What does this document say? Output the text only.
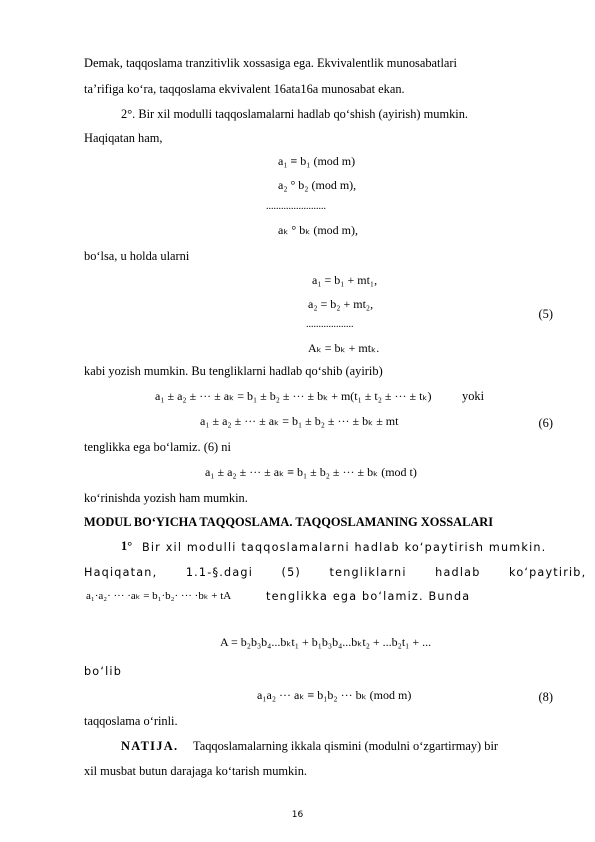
Demak, taqqoslama tranzitivlik xossasiga ega. Ekvivalentlik munosabatlari
ta’rifiga ko‘ra, taqqoslama ekvivalent 16ata16a munosabat ekan.
2°. Bir xil modulli taqqoslamalarni hadlab qo‘shish (ayirish) mumkin.
Haqiqatan ham,
a₁ ≡ b₁ (mod m)
a₂ ° b₂ (mod m),
........................
aₖ ° bₖ (mod m),
bo‘lsa, u holda ularni
a₁ = b₁ + mt₁,
a₂ = b₂ + mt₂,
...................
Aₖ = bₖ + mtₖ.
(5)
kabi yozish mumkin. Bu tengliklarni hadlab qo‘shib (ayirib)
a₁ ± a₂ ± ··· ± aₖ = b₁ ± b₂ ± ··· ± bₖ + m(t₁ ± t₂ ± ··· ± tₖ) yoki
a₁ ± a₂ ± ··· ± aₖ = b₁ ± b₂ ± ··· ± bₖ ± mt	(6)
tenglikka ega bo‘lamiz. (6) ni
a₁ ± a₂ ± ··· ± aₖ ≡ b₁ ± b₂ ± ··· ± bₖ (mod t)
ko‘rinishda yozish ham mumkin.
MODUL BO‘YICHA TAQQOSLAMA. TAQQOSLAMANING XOSSALARI
1° Bir xil modulli taqqoslamalarni hadlab ko‘paytirish mumkin.
Haqiqatan,      1.1-§.dagi      (5)      tengliklarni      hadlab      ko‘paytirib,
a₁·a₂· ··· ·aₖ = b₁·b₂· ··· ·bₖ + tA	tenglikka ega bo‘lamiz. Bunda
A = b₂b₃b₄...bₖt₁ + b₁b₃b₄...bₖt₂ + ...b₂t₁ + ...
bo‘lib
a₁a₂ ··· aₖ ≡ b₁b₂ ··· bₖ (mod m)	(8)
taqqoslama o‘rinli.
NATIJA. Taqqoslamalarning ikkala qismini (modulni o‘zgartirmay) bir
xil musbat butun darajaga ko‘tarish mumkin.
16
